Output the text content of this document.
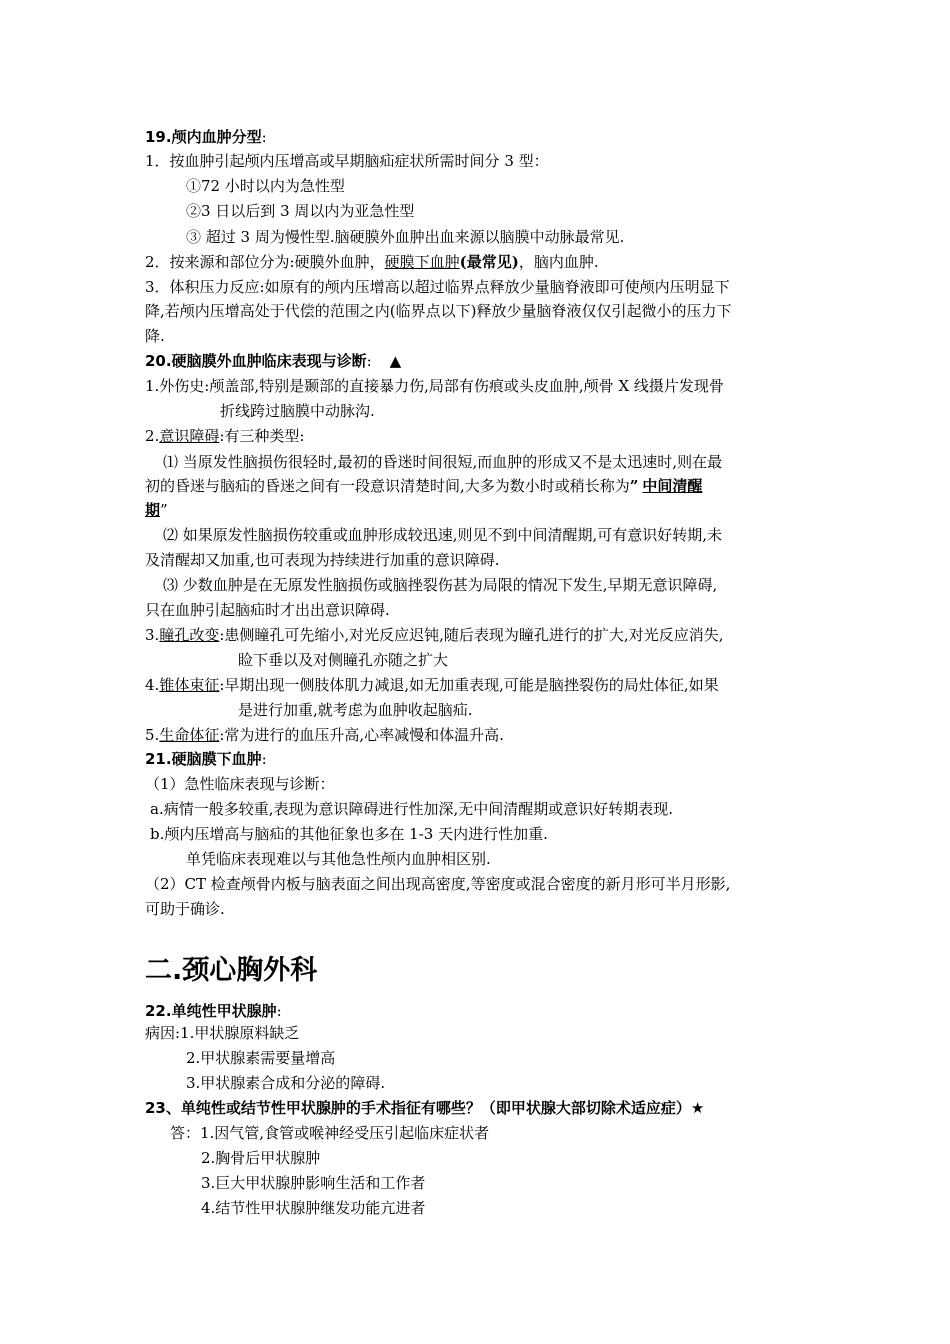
19.颅内血肿分型:
1．按血肿引起颅内压增高或早期脑疝症状所需时间分 3 型：
①72 小时以内为急性型
②3 日以后到 3 周以内为亚急性型
③ 超过 3 周为慢性型.脑硬膜外血肿出血来源以脑膜中动脉最常见.
2．按来源和部位分为:硬膜外血肿，硬膜下血肿(最常见)，脑内血肿.
3．体积压力反应:如原有的颅内压增高以超过临界点释放少量脑脊液即可使颅内压明显下
降,若颅内压增高处于代偿的范围之内(临界点以下)释放少量脑脊液仅仅引起微小的压力下
降.
20.硬脑膜外血肿临床表现与诊断: ▲
1.外伤史:颅盖部,特别是颞部的直接暴力伤,局部有伤痕或头皮血肿,颅骨 X 线摄片发现骨
折线跨过脑膜中动脉沟.
2.意识障碍:有三种类型:
⑴ 当原发性脑损伤很轻时,最初的昏迷时间很短,而血肿的形成又不是太迅速时,则在最
初的昏迷与脑疝的昏迷之间有一段意识清楚时间,大多为数小时或稍长称为” 中间清醒
期”
⑵ 如果原发性脑损伤较重或血肿形成较迅速,则见不到中间清醒期,可有意识好转期,未
及清醒却又加重,也可表现为持续进行加重的意识障碍.
⑶ 少数血肿是在无原发性脑损伤或脑挫裂伤甚为局限的情况下发生,早期无意识障碍,
只在血肿引起脑疝时才出出意识障碍.
3.瞳孔改变:患侧瞳孔可先缩小,对光反应迟钝,随后表现为瞳孔进行的扩大,对光反应消失,
睑下垂以及对侧瞳孔亦随之扩大
4.锥体束征:早期出现一侧肢体肌力减退,如无加重表现,可能是脑挫裂伤的局灶体征,如果
是进行加重,就考虑为血肿收起脑疝.
5.生命体征:常为进行的血压升高,心率减慢和体温升高.
21.硬脑膜下血肿:
（1）急性临床表现与诊断：
a.病情一般多较重,表现为意识障碍进行性加深,无中间清醒期或意识好转期表现.
b.颅内压增高与脑疝的其他征象也多在 1-3 天内进行性加重.
单凭临床表现难以与其他急性颅内血肿相区别.
（2）CT 检查颅骨内板与脑表面之间出现高密度,等密度或混合密度的新月形可半月形影,
可助于确诊.
二.颈心胸外科
22.单纯性甲状腺肿:
病因:1.甲状腺原料缺乏
2.甲状腺素需要量增高
3.甲状腺素合成和分泌的障碍.
23、单纯性或结节性甲状腺肿的手术指征有哪些？（即甲状腺大部切除术适应症）★
答：1.因气管,食管或喉神经受压引起临床症状者
2.胸骨后甲状腺肿
3.巨大甲状腺肿影响生活和工作者
4.结节性甲状腺肿继发功能亢进者
